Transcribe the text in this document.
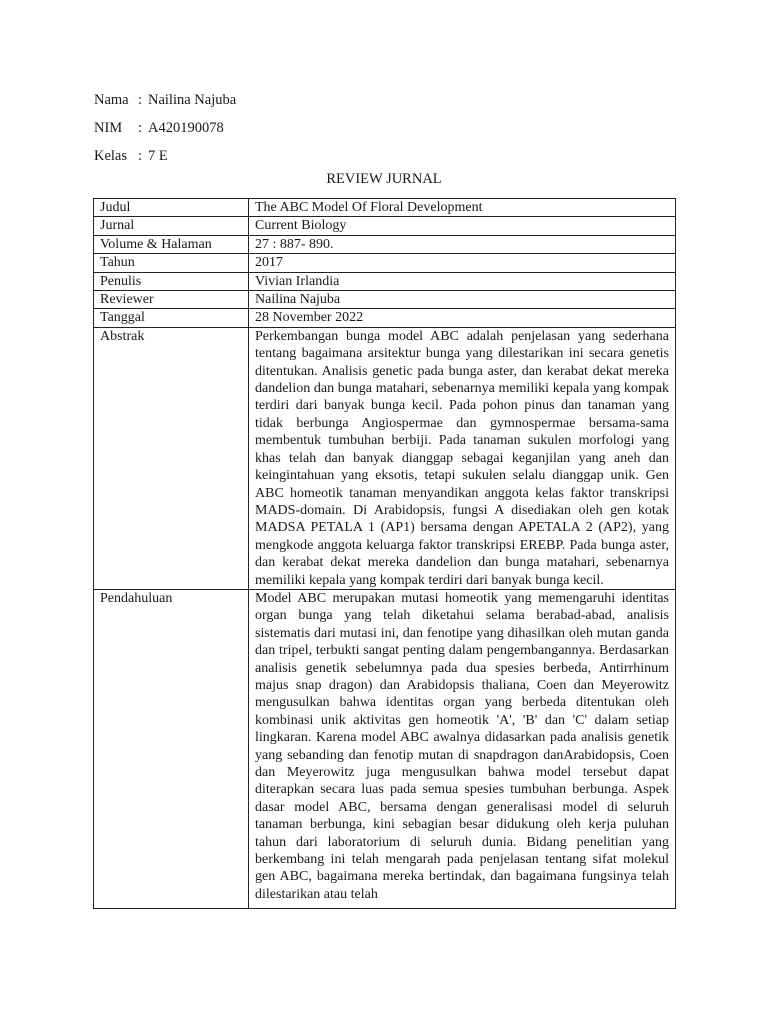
Nama : Nailina Najuba
NIM	: A420190078
Kelas : 7 E
REVIEW JURNAL
Judul	The ABC Model Of Floral Development
Jurnal	Current Biology
Volume & Halaman	27 : 887- 890.
Tahun	2017
Penulis	Vivian Irlandia
Reviewer	Nailina Najuba
Tanggal	28 November 2022
Abstrak	Perkembangan bunga model ABC adalah penjelasan yang sederhana tentang bagaimana arsitektur bunga yang dilestarikan ini secara genetis ditentukan. Analisis genetic pada bunga aster, dan kerabat dekat mereka dandelion dan bunga matahari, sebenarnya memiliki kepala yang kompak terdiri dari banyak bunga kecil. Pada pohon pinus dan tanaman yang tidak berbunga Angiospermae dan gymnospermae bersama-sama membentuk tumbuhan berbiji. Pada tanaman sukulen morfologi yang khas telah dan banyak dianggap sebagai keganjilan yang aneh dan keingintahuan yang eksotis, tetapi sukulen selalu dianggap unik. Gen ABC homeotik tanaman menyandikan anggota kelas faktor transkripsi MADS-domain. Di Arabidopsis, fungsi A disediakan oleh gen kotak MADSA PETALA 1 (AP1) bersama dengan APETALA 2 (AP2), yang mengkode anggota keluarga faktor transkripsi EREBP. Pada bunga aster, dan kerabat dekat mereka dandelion dan bunga matahari, sebenarnya memiliki kepala yang kompak terdiri dari banyak bunga kecil.
Pendahuluan	Model ABC merupakan mutasi homeotik yang memengaruhi identitas organ bunga yang telah diketahui selama berabad-abad, analisis sistematis dari mutasi ini, dan fenotipe yang dihasilkan oleh mutan ganda dan tripel, terbukti sangat penting dalam pengembangannya. Berdasarkan analisis genetik sebelumnya pada dua spesies berbeda, Antirrhinum majus snap dragon) dan Arabidopsis thaliana, Coen dan Meyerowitz mengusulkan bahwa identitas organ yang berbeda ditentukan oleh kombinasi unik aktivitas gen homeotik 'A', 'B' dan 'C' dalam setiap lingkaran. Karena model ABC awalnya didasarkan pada analisis genetik yang sebanding dan fenotip mutan di snapdragon danArabidopsis, Coen dan Meyerowitz juga mengusulkan bahwa model tersebut dapat diterapkan secara luas pada semua spesies tumbuhan berbunga. Aspek dasar model ABC, bersama dengan generalisasi model di seluruh tanaman berbunga, kini sebagian besar didukung oleh kerja puluhan tahun dari laboratorium di seluruh dunia. Bidang penelitian yang berkembang ini telah mengarah pada penjelasan tentang sifat molekul gen ABC, bagaimana mereka bertindak, dan bagaimana fungsinya telah dilestarikan atau telah
